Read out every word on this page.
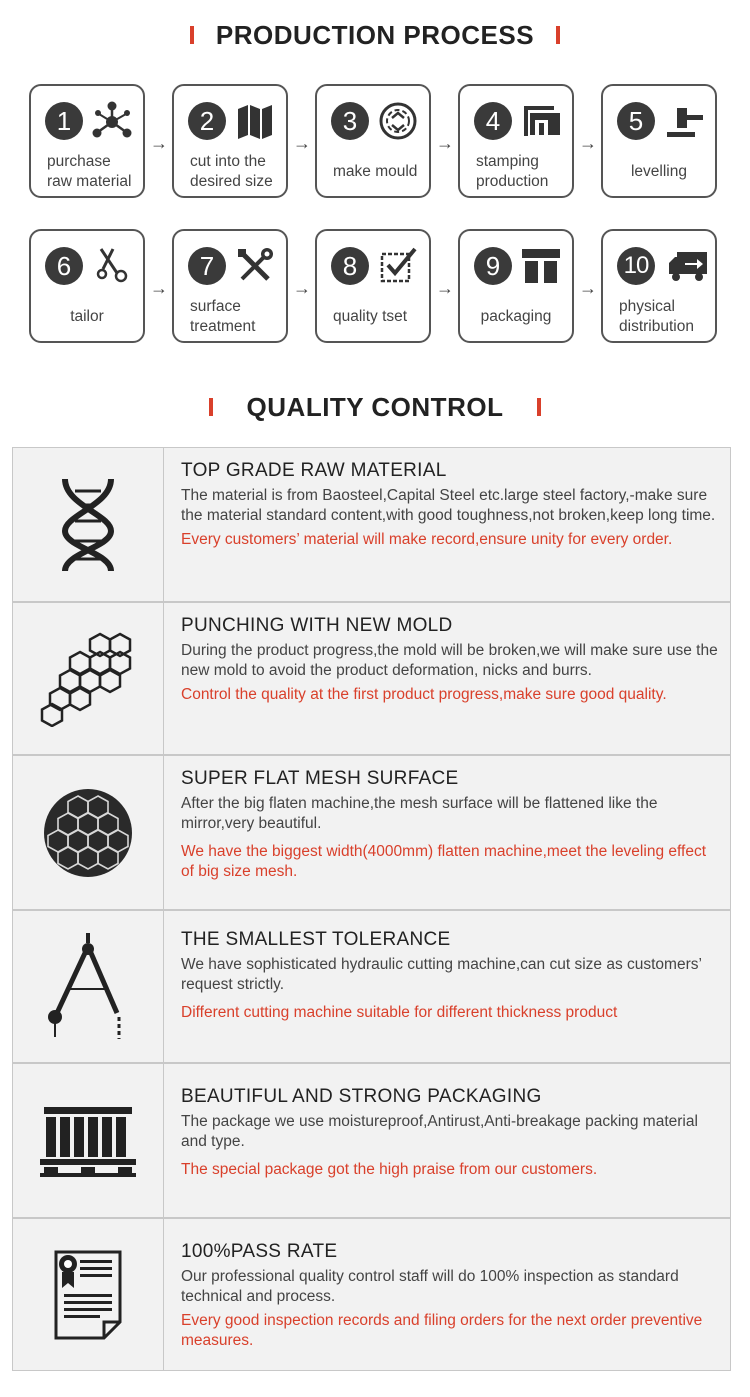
PRODUCTION PROCESS
1
purchase raw material
→
2
cut into the desired size
→
3
make mould
→
4
stamping production
→
5
levelling
6
tailor
→
7
surface treatment
→
8
quality tset
→
9
packaging
→
10
physical distribution
QUALITY CONTROL
TOP GRADE RAW MATERIAL

The material is from Baosteel,Capital Steel etc.large steel factory,-make sure the material standard content,with good toughness,not broken,keep long time.

Every customers’ material will make record,ensure unity for every order.

PUNCHING WITH NEW MOLD

During the product progress,the mold will be broken,we will make sure use the new mold to avoid the product deformation, nicks and burrs.

Control the quality at the first product progress,make sure good quality.

SUPER FLAT MESH SURFACE

After the big flaten machine,the mesh surface will be flattened like the mirror,very beautiful.

We have the biggest width(4000mm) flatten machine,meet the leveling effect of big size mesh.

THE SMALLEST TOLERANCE

We have sophisticated hydraulic cutting machine,can cut size as customers’ request strictly.

Different cutting machine suitable for different thickness product

BEAUTIFUL AND STRONG PACKAGING

The package we use moistureproof,Antirust,Anti-breakage packing material and type.

The special package got the high praise from our customers.

100%PASS RATE

Our professional quality control staff will do 100% inspection as standard technical and process.

Every good inspection records and filing orders for the next order preventive measures.
